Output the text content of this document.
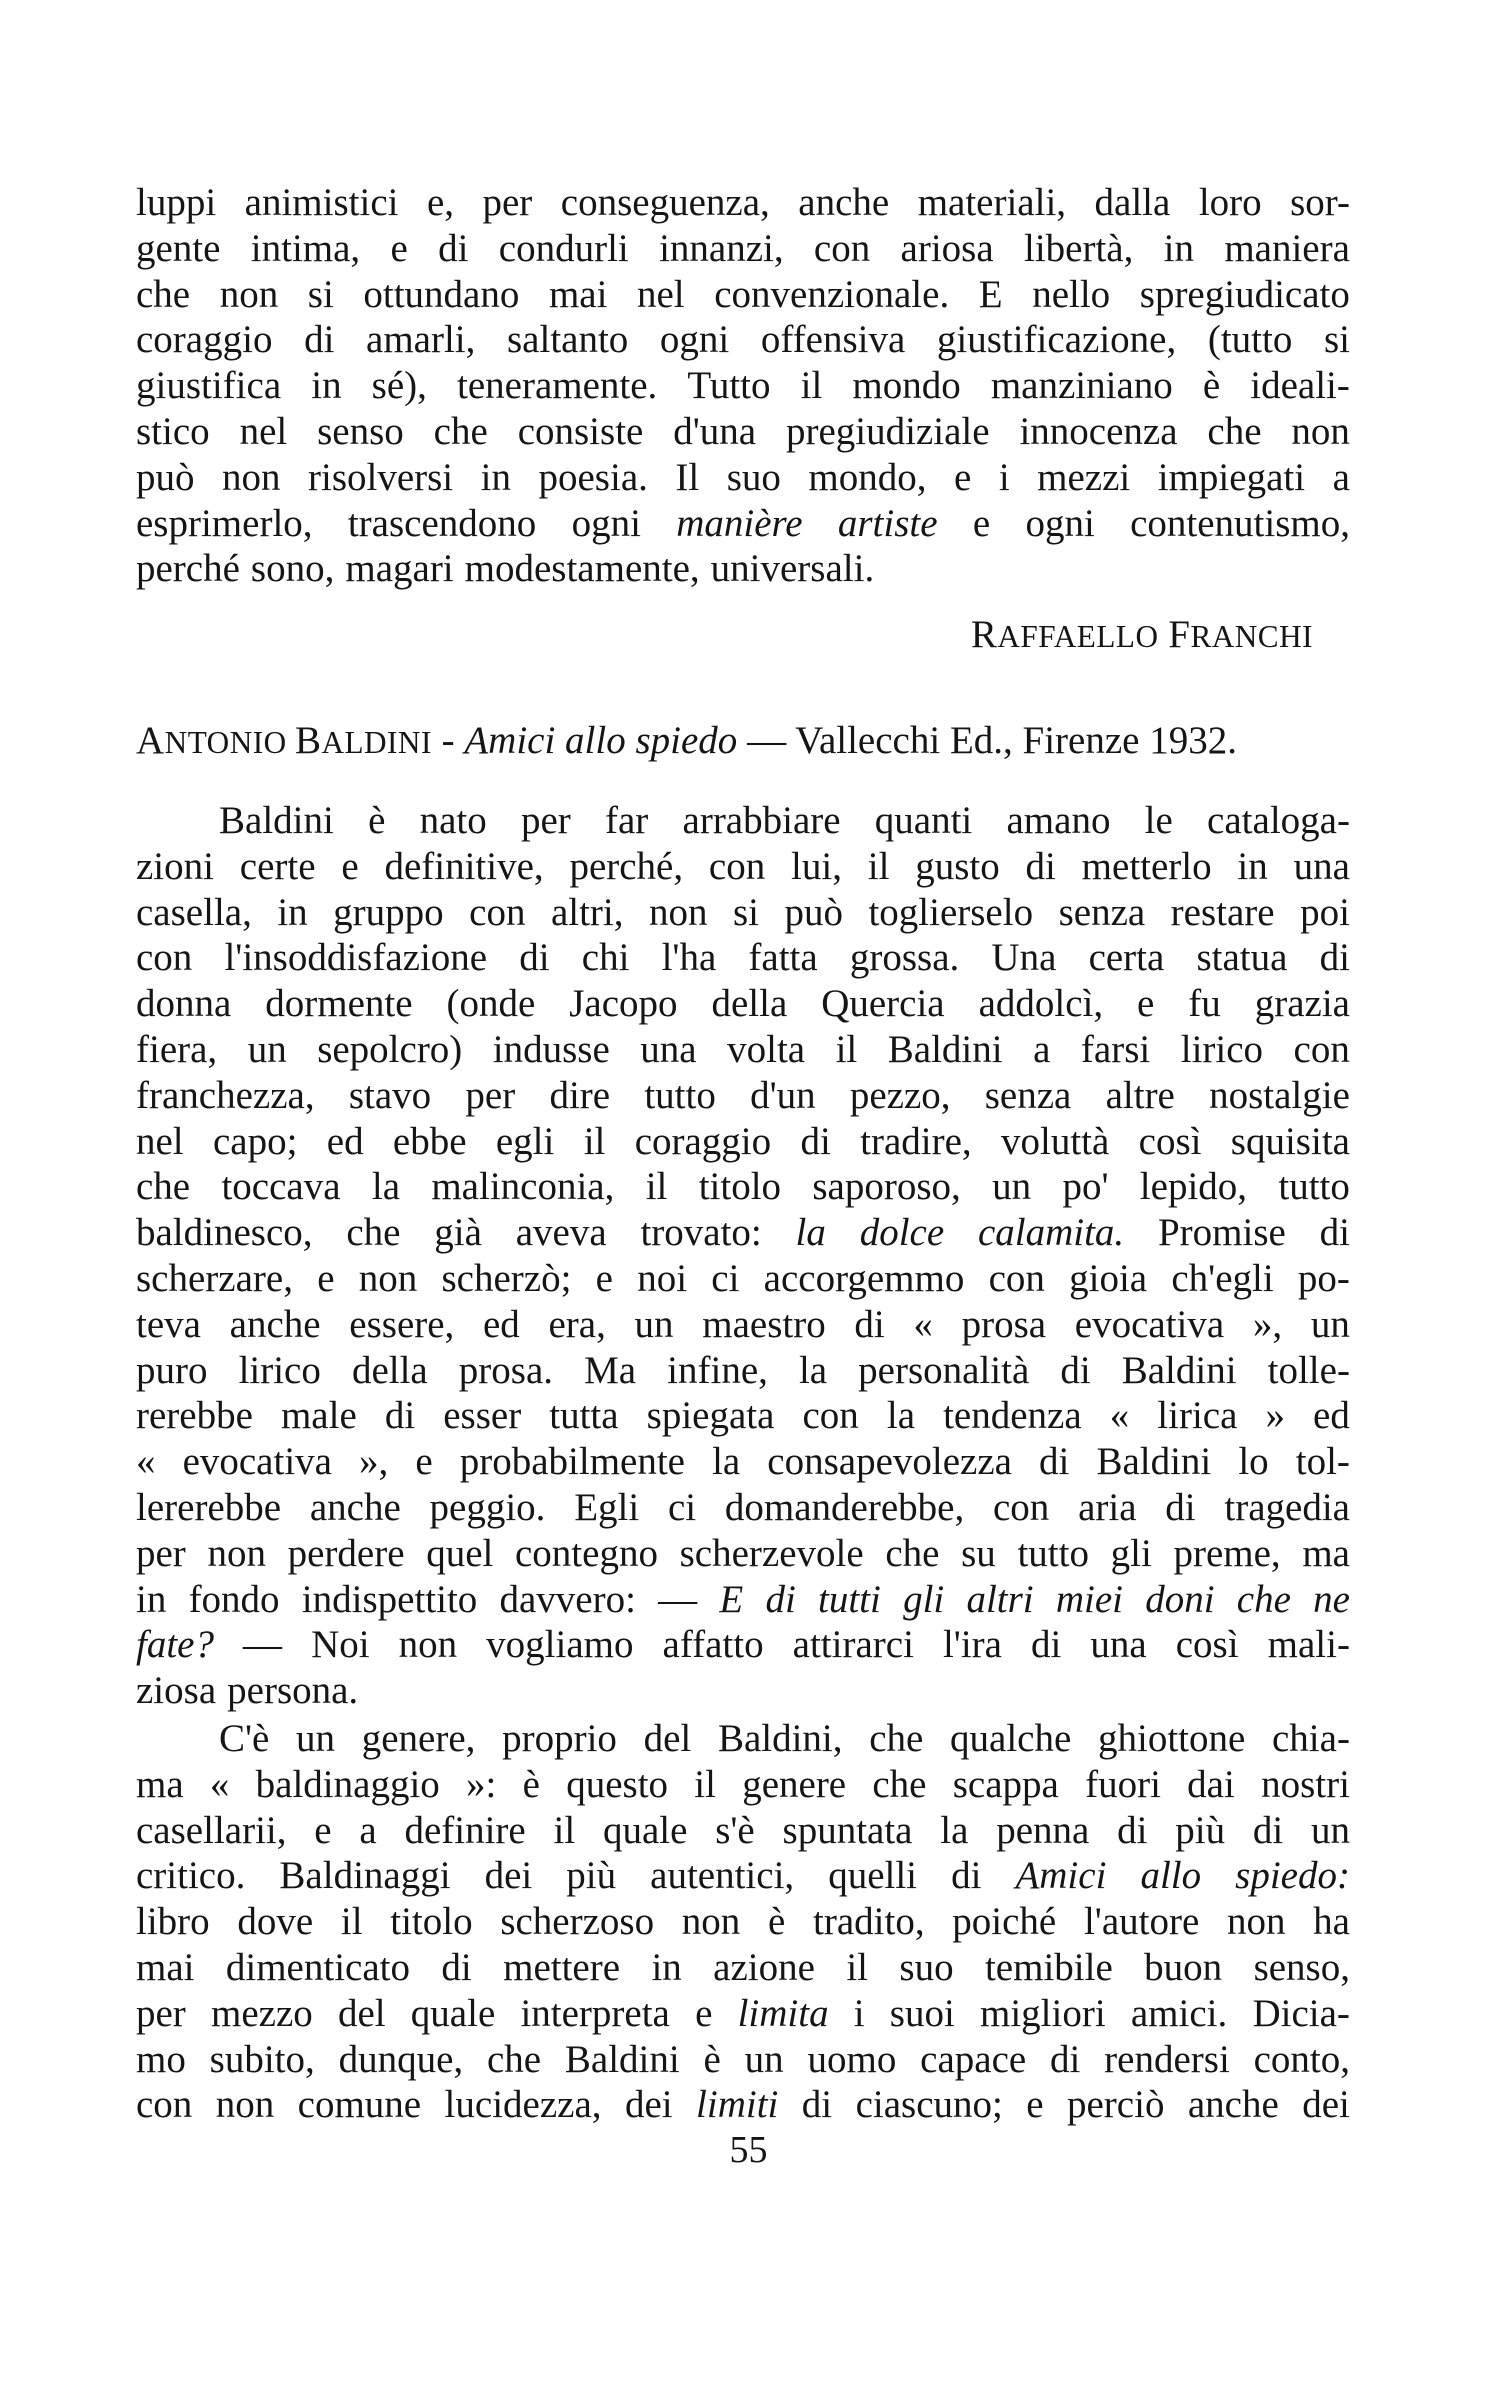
luppi animistici e, per conseguenza, anche materiali, dalla loro sor-
gente intima, e di condurli innanzi, con ariosa libertà, in maniera
che non si ottundano mai nel convenzionale. E nello spregiudicato
coraggio di amarli, saltanto ogni offensiva giustificazione, (tutto si
giustifica in sé), teneramente. Tutto il mondo manziniano è ideali-
stico nel senso che consiste d'una pregiudiziale innocenza che non
può non risolversi in poesia. Il suo mondo, e i mezzi impiegati a
esprimerlo, trascendono ogni manière artiste e ogni contenutismo,
perché sono, magari modestamente, universali.
RAFFAELLO FRANCHI
ANTONIO BALDINI - Amici allo spiedo — Vallecchi Ed., Firenze 1932.
Baldini è nato per far arrabbiare quanti amano le cataloga-
zioni certe e definitive, perché, con lui, il gusto di metterlo in una
casella, in gruppo con altri, non si può toglierselo senza restare poi
con l'insoddisfazione di chi l'ha fatta grossa. Una certa statua di
donna dormente (onde Jacopo della Quercia addolcì, e fu grazia
fiera, un sepolcro) indusse una volta il Baldini a farsi lirico con
franchezza, stavo per dire tutto d'un pezzo, senza altre nostalgie
nel capo; ed ebbe egli il coraggio di tradire, voluttà così squisita
che toccava la malinconia, il titolo saporoso, un po' lepido, tutto
baldinesco, che già aveva trovato: la dolce calamita. Promise di
scherzare, e non scherzò; e noi ci accorgemmo con gioia ch'egli po-
teva anche essere, ed era, un maestro di « prosa evocativa », un
puro lirico della prosa. Ma infine, la personalità di Baldini tolle-
rerebbe male di esser tutta spiegata con la tendenza « lirica » ed
« evocativa », e probabilmente la consapevolezza di Baldini lo tol-
lererebbe anche peggio. Egli ci domanderebbe, con aria di tragedia
per non perdere quel contegno scherzevole che su tutto gli preme, ma
in fondo indispettito davvero: — E di tutti gli altri miei doni che ne
fate? — Noi non vogliamo affatto attirarci l'ira di una così mali-
ziosa persona.
C'è un genere, proprio del Baldini, che qualche ghiottone chia-
ma « baldinaggio »: è questo il genere che scappa fuori dai nostri
casellarii, e a definire il quale s'è spuntata la penna di più di un
critico. Baldinaggi dei più autentici, quelli di Amici allo spiedo:
libro dove il titolo scherzoso non è tradito, poiché l'autore non ha
mai dimenticato di mettere in azione il suo temibile buon senso,
per mezzo del quale interpreta e limita i suoi migliori amici. Dicia-
mo subito, dunque, che Baldini è un uomo capace di rendersi conto,
con non comune lucidezza, dei limiti di ciascuno; e perciò anche dei
55
